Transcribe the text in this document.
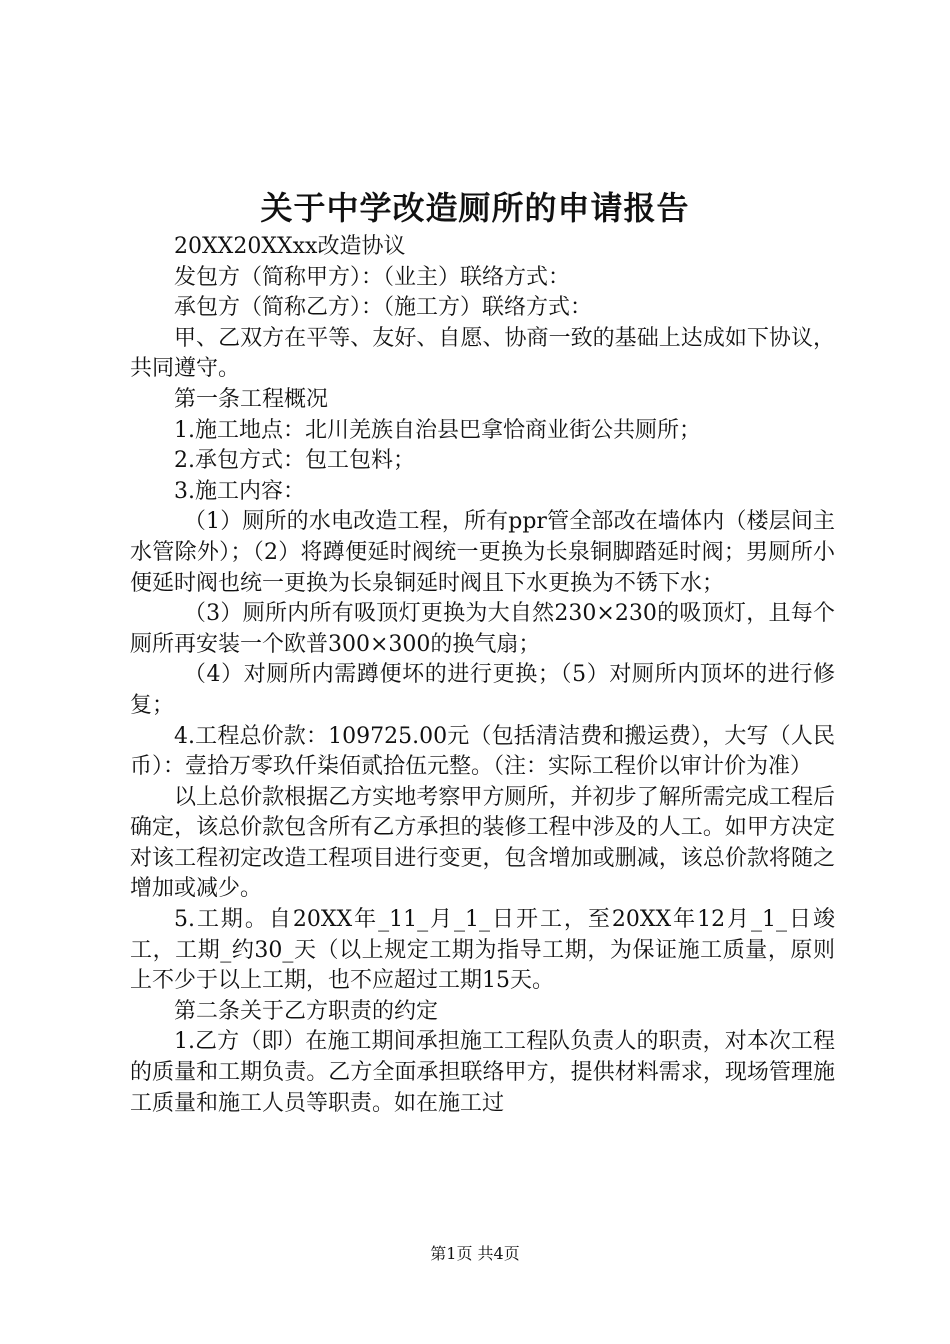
关于中学改造厕所的申请报告

20XX20XXxx改造协议

发包方（简称甲方）：（业主）联络方式：

承包方（简称乙方）：（施工方）联络方式：

甲、乙双方在平等、友好、自愿、协商一致的基础上达成如下协议，共同遵守。

第一条工程概况

1.施工地点：北川羌族自治县巴拿恰商业街公共厕所；

2.承包方式：包工包料；

3.施工内容：

（1）厕所的水电改造工程，所有ppr管全部改在墙体内（楼层间主水管除外）；（2）将蹲便延时阀统一更换为长泉铜脚踏延时阀；男厕所小便延时阀也统一更换为长泉铜延时阀且下水更换为不锈下水；

（3）厕所内所有吸顶灯更换为大自然230×230的吸顶灯，且每个厕所再安装一个欧普300×300的换气扇；

（4）对厕所内需蹲便坏的进行更换；（5）对厕所内顶坏的进行修复；

4.工程总价款：109725.00元（包括清洁费和搬运费），大写（人民币）：壹拾万零玖仟柒佰贰拾伍元整。（注：实际工程价以审计价为准）

以上总价款根据乙方实地考察甲方厕所，并初步了解所需完成工程后确定，该总价款包含所有乙方承担的装修工程中涉及的人工。如甲方决定对该工程初定改造工程项目进行变更，包含增加或删减，该总价款将随之增加或减少。

5.工期。自20XX年_11_月_1_日开工，至20XX年12月_1_日竣工，工期_约30_天（以上规定工期为指导工期，为保证施工质量，原则上不少于以上工期，也不应超过工期15天。

第二条关于乙方职责的约定

1.乙方（即）在施工期间承担施工工程队负责人的职责，对本次工程的质量和工期负责。乙方全面承担联络甲方，提供材料需求，现场管理施工质量和施工人员等职责。如在施工过

第1页 共4页
